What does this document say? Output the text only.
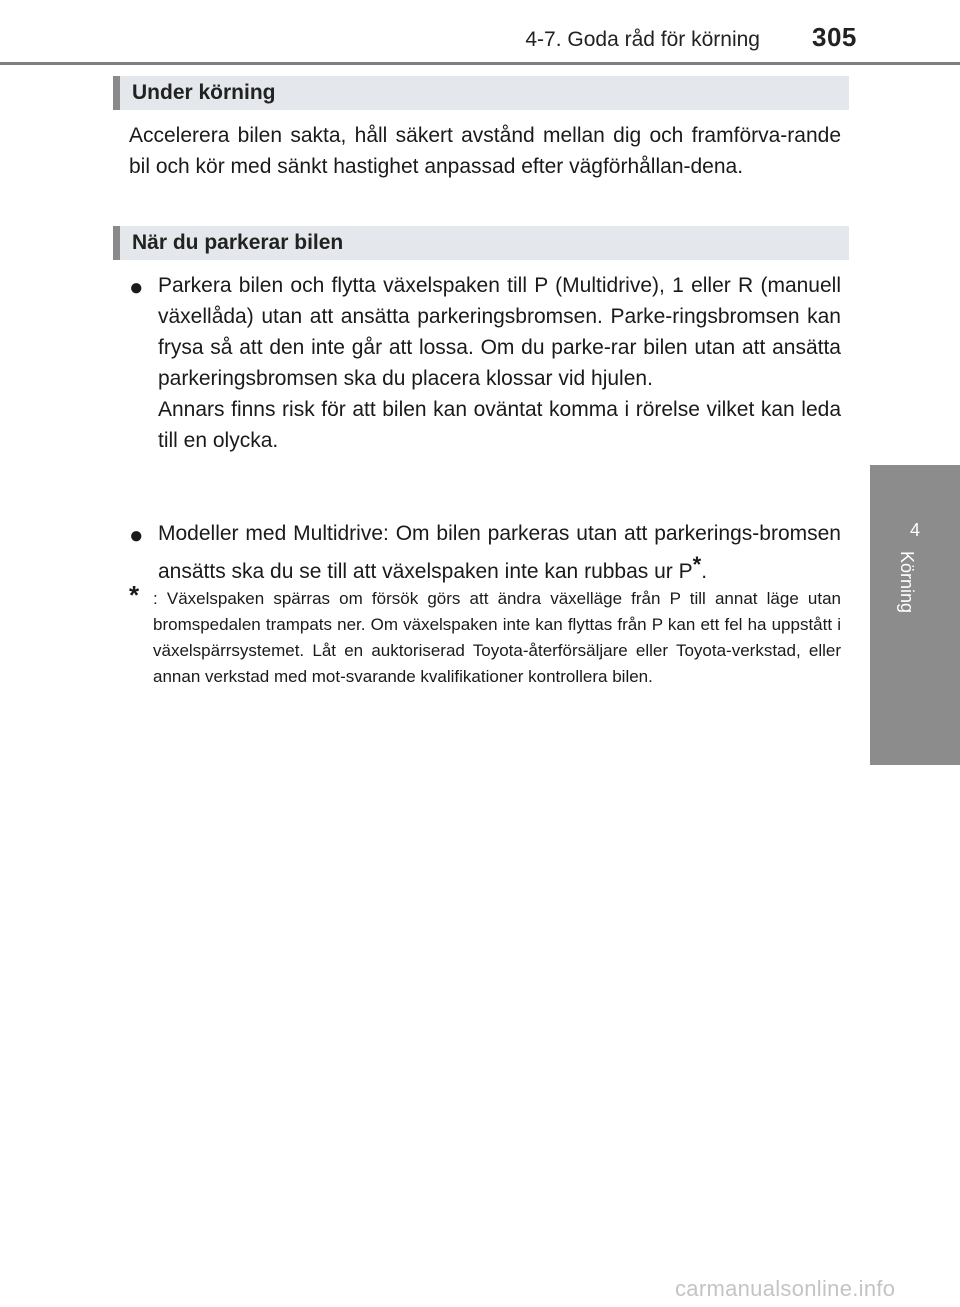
4-7. Goda råd för körning 305
4
Körning
Under körning

Accelerera bilen sakta, håll säkert avstånd mellan dig och framförva-rande bil och kör med sänkt hastighet anpassad efter vägförhållan-dena.

När du parkerar bilen
● Parkera bilen och flytta växelspaken till P (Multidrive), 1 eller R (manuell växellåda) utan att ansätta parkeringsbromsen. Parke-ringsbromsen kan frysa så att den inte går att lossa. Om du parke-rar bilen utan att ansätta parkeringsbromsen ska du placera klossar vid hjulen.

Annars finns risk för att bilen kan oväntat komma i rörelse vilket kan leda till en olycka.

● Modeller med Multidrive: Om bilen parkeras utan att parkerings-bromsen ansätts ska du se till att växelspaken inte kan rubbas ur P*.

* : Växelspaken spärras om försök görs att ändra växelläge från P till annat läge utan bromspedalen trampats ner. Om växelspaken inte kan flyttas från P kan ett fel ha uppstått i växelspärrsystemet. Låt en auktoriserad Toyota-återförsäljare eller Toyota-verkstad, eller annan verkstad med mot-svarande kvalifikationer kontrollera bilen.

carmanualsonline.info
